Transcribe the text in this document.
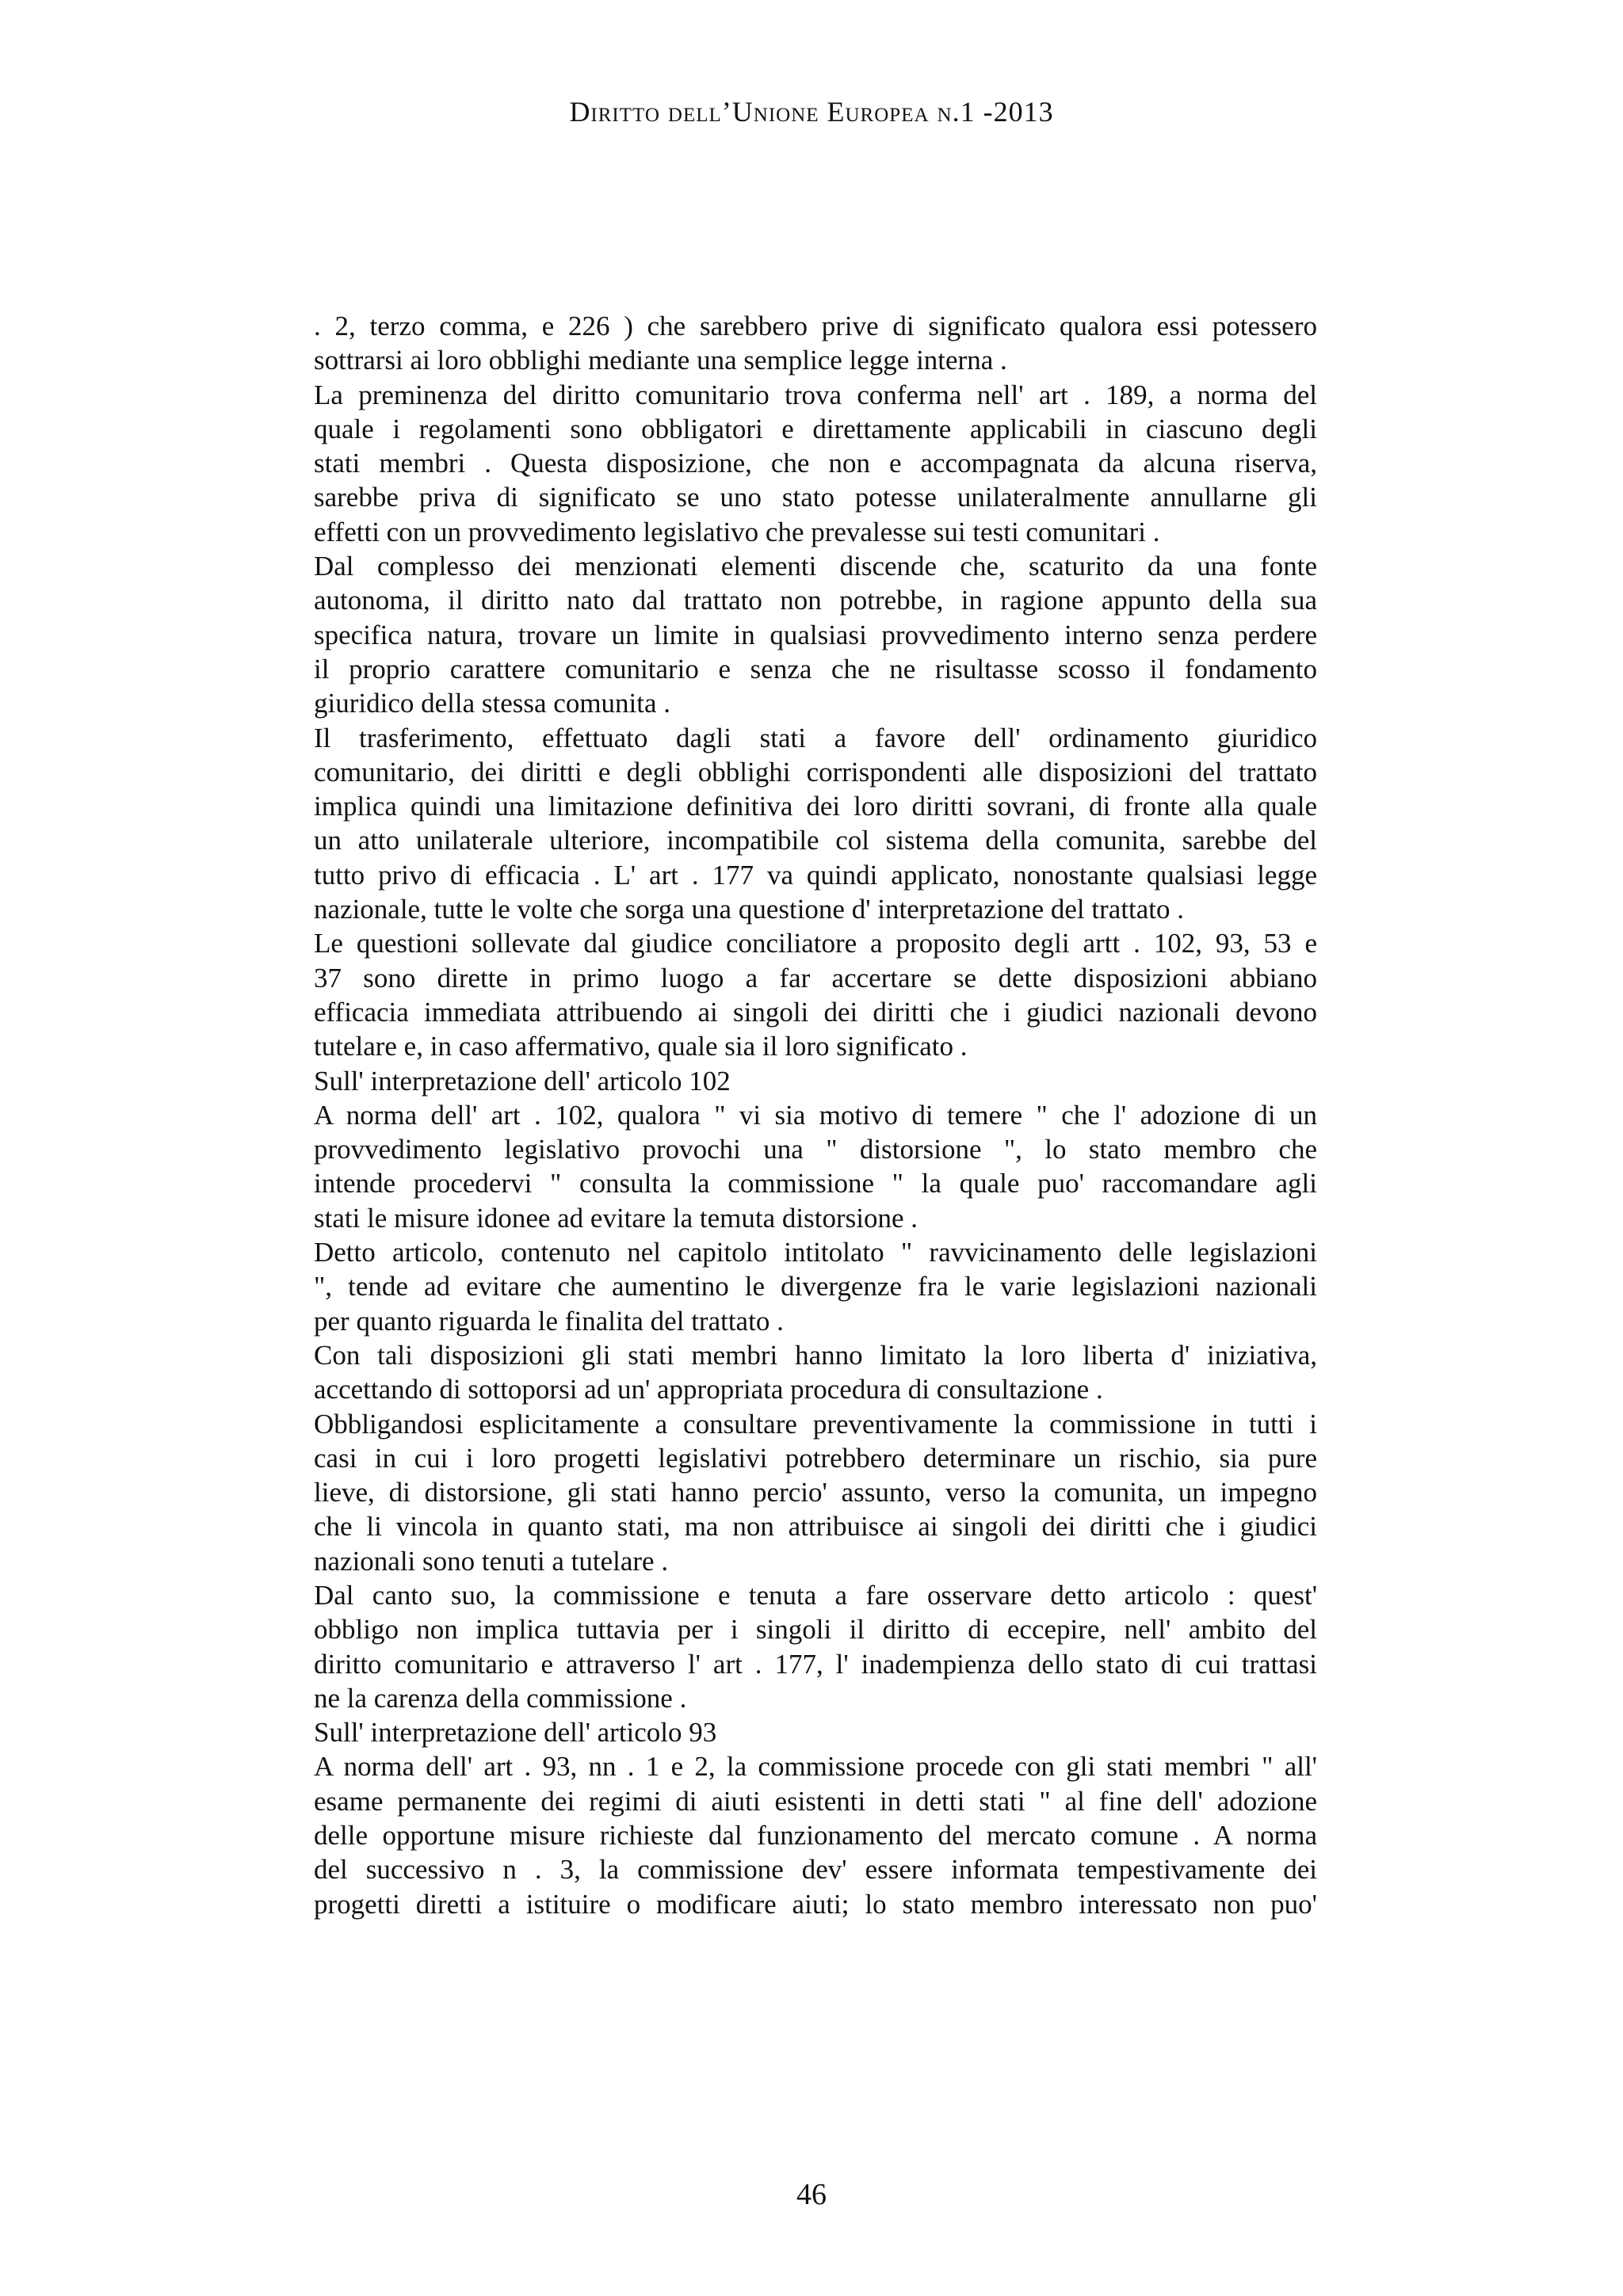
Diritto dell’Unione Europea n.1 -2013
. 2, terzo comma, e 226 ) che sarebbero prive di significato qualora essi potessero
sottrarsi ai loro obblighi mediante una semplice legge interna .
La preminenza del diritto comunitario trova conferma nell' art . 189, a norma del
quale i regolamenti sono obbligatori e direttamente applicabili in ciascuno degli
stati membri . Questa disposizione, che non e accompagnata da alcuna riserva,
sarebbe priva di significato se uno stato potesse unilateralmente annullarne gli
effetti con un provvedimento legislativo che prevalesse sui testi comunitari .
Dal complesso dei menzionati elementi discende che, scaturito da una fonte
autonoma, il diritto nato dal trattato non potrebbe, in ragione appunto della sua
specifica natura, trovare un limite in qualsiasi provvedimento interno senza perdere
il proprio carattere comunitario e senza che ne risultasse scosso il fondamento
giuridico della stessa comunita .
Il trasferimento, effettuato dagli stati a favore dell' ordinamento giuridico
comunitario, dei diritti e degli obblighi corrispondenti alle disposizioni del trattato
implica quindi una limitazione definitiva dei loro diritti sovrani, di fronte alla quale
un atto unilaterale ulteriore, incompatibile col sistema della comunita, sarebbe del
tutto privo di efficacia . L' art . 177 va quindi applicato, nonostante qualsiasi legge
nazionale, tutte le volte che sorga una questione d' interpretazione del trattato .
Le questioni sollevate dal giudice conciliatore a proposito degli artt . 102, 93, 53 e
37 sono dirette in primo luogo a far accertare se dette disposizioni abbiano
efficacia immediata attribuendo ai singoli dei diritti che i giudici nazionali devono
tutelare e, in caso affermativo, quale sia il loro significato .
Sull' interpretazione dell' articolo 102
A norma dell' art . 102, qualora " vi sia motivo di temere " che l' adozione di un
provvedimento legislativo provochi una " distorsione ", lo stato membro che
intende procedervi " consulta la commissione " la quale puo' raccomandare agli
stati le misure idonee ad evitare la temuta distorsione .
Detto articolo, contenuto nel capitolo intitolato " ravvicinamento delle legislazioni
", tende ad evitare che aumentino le divergenze fra le varie legislazioni nazionali
per quanto riguarda le finalita del trattato .
Con tali disposizioni gli stati membri hanno limitato la loro liberta d' iniziativa,
accettando di sottoporsi ad un' appropriata procedura di consultazione .
Obbligandosi esplicitamente a consultare preventivamente la commissione in tutti i
casi in cui i loro progetti legislativi potrebbero determinare un rischio, sia pure
lieve, di distorsione, gli stati hanno percio' assunto, verso la comunita, un impegno
che li vincola in quanto stati, ma non attribuisce ai singoli dei diritti che i giudici
nazionali sono tenuti a tutelare .
Dal canto suo, la commissione e tenuta a fare osservare detto articolo : quest'
obbligo non implica tuttavia per i singoli il diritto di eccepire, nell' ambito del
diritto comunitario e attraverso l' art . 177, l' inadempienza dello stato di cui trattasi
ne la carenza della commissione .
Sull' interpretazione dell' articolo 93
A norma dell' art . 93, nn . 1 e 2, la commissione procede con gli stati membri " all'
esame permanente dei regimi di aiuti esistenti in detti stati " al fine dell' adozione
delle opportune misure richieste dal funzionamento del mercato comune . A norma
del successivo n . 3, la commissione dev' essere informata tempestivamente dei
progetti diretti a istituire o modificare aiuti; lo stato membro interessato non puo'
46
